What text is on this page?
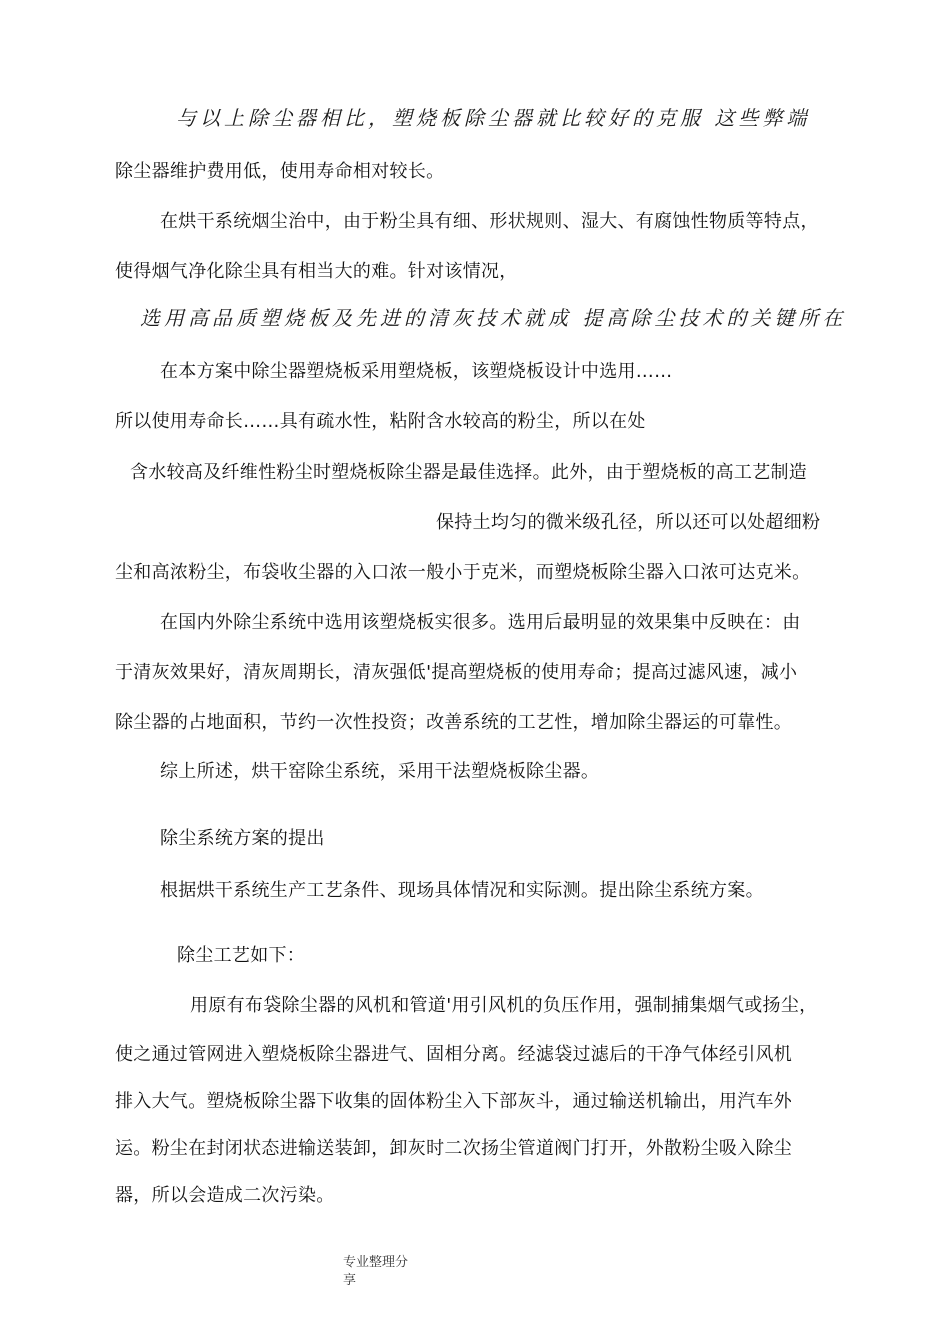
与以上除尘器相比，塑烧板除尘器就比较好的克服 这些弊端
除尘器维护费用低，使用寿命相对较长。
在烘干系统烟尘治中，由于粉尘具有细、形状规则、湿大、有腐蚀性物质等特点，
使得烟气净化除尘具有相当大的难。针对该情况，
选用高品质塑烧板及先进的清灰技术就成 提高除尘技术的关键所在
在本方案中除尘器塑烧板采用塑烧板，该塑烧板设计中选用……
所以使用寿命长……具有疏水性，粘附含水较高的粉尘，所以在处
含水较高及纤维性粉尘时塑烧板除尘器是最佳选择。此外，由于塑烧板的高工艺制造
保持土均匀的微米级孔径，所以还可以处超细粉
尘和高浓粉尘，布袋收尘器的入口浓一般小于克米，而塑烧板除尘器入口浓可达克米。
在国内外除尘系统中选用该塑烧板实很多。选用后最明显的效果集中反映在：由
于清灰效果好，清灰周期长，清灰强低'提高塑烧板的使用寿命；提高过滤风速，减小
除尘器的占地面积，节约一次性投资；改善系统的工艺性，增加除尘器运的可靠性。
综上所述，烘干窑除尘系统，采用干法塑烧板除尘器。
除尘系统方案的提出
根据烘干系统生产工艺条件、现场具体情况和实际测。提出除尘系统方案。
除尘工艺如下：
用原有布袋除尘器的风机和管道'用引风机的负压作用，强制捕集烟气或扬尘，
使之通过管网进入塑烧板除尘器进气、固相分离。经滤袋过滤后的干净气体经引风机
排入大气。塑烧板除尘器下收集的固体粉尘入下部灰斗，通过输送机输出，用汽车外
运。粉尘在封闭状态进输送装卸，卸灰时二次扬尘管道阀门打开，外散粉尘吸入除尘
器，所以会造成二次污染。
专业整理分
享
